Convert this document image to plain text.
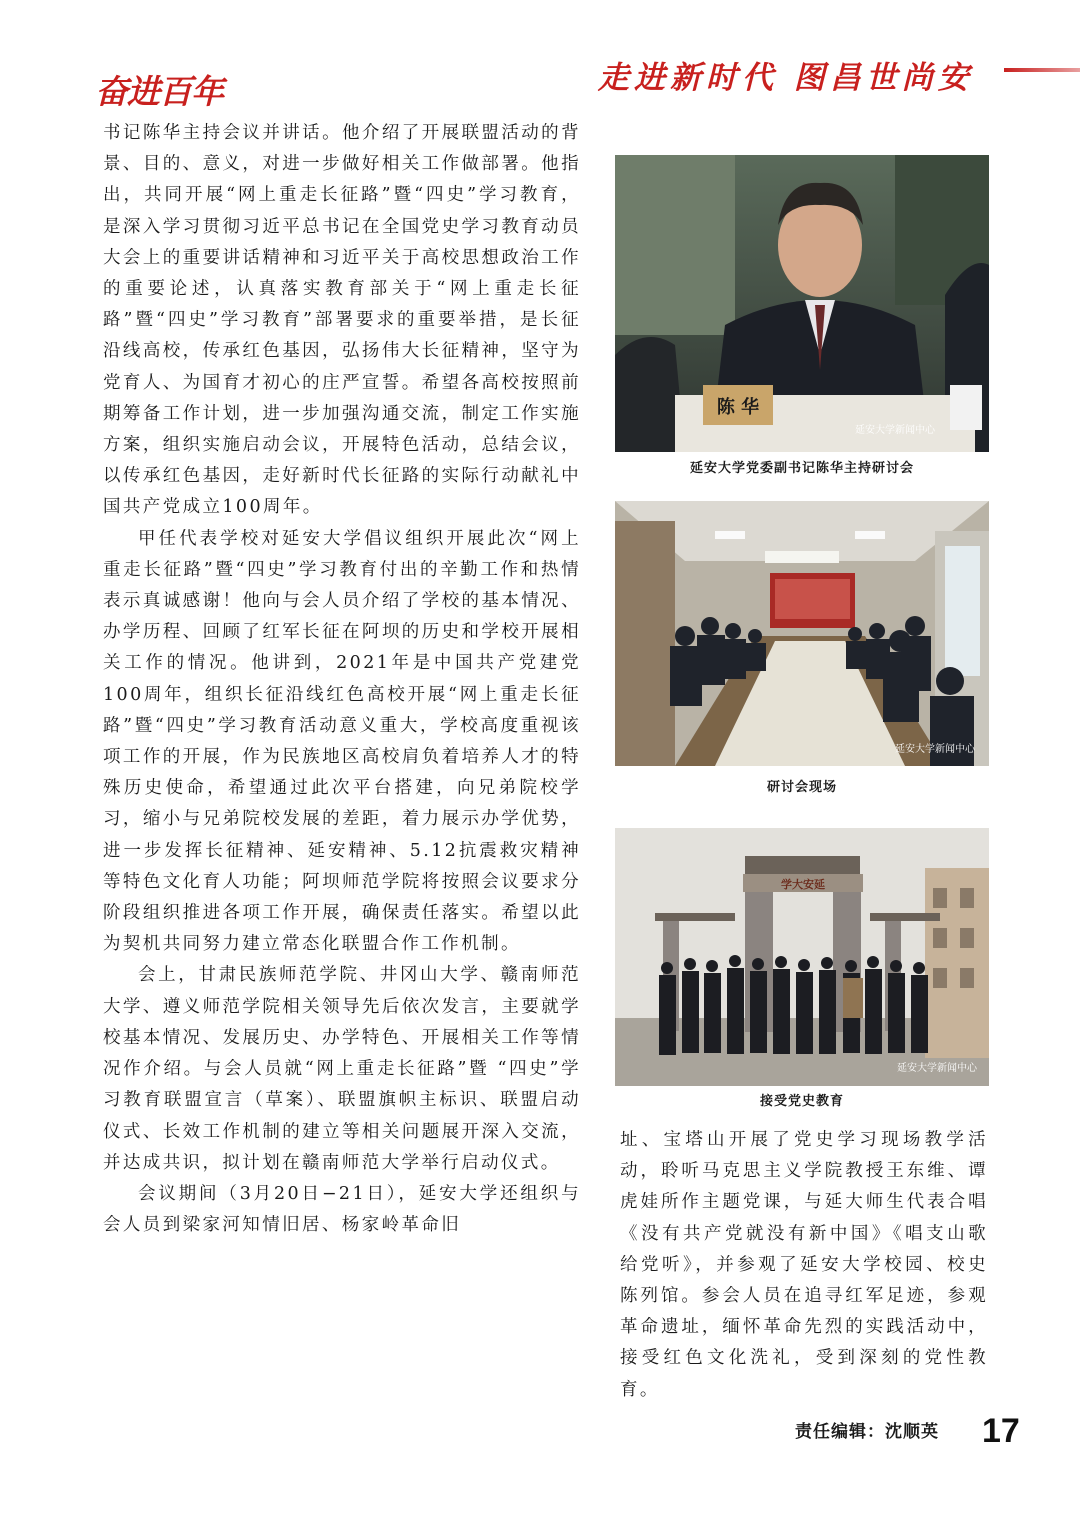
奋进百年	走进新时代 图昌世尚安

书记陈华主持会议并讲话。他介绍了开展联盟活动的背景、目的、意义，对进一步做好相关工作做部署。他指出，共同开展“网上重走长征路”暨“四史”学习教育，是深入学习贯彻习近平总书记在全国党史学习教育动员大会上的重要讲话精神和习近平关于高校思想政治工作的重要论述，认真落实教育部关于“网上重走长征路”暨“四史”学习教育”部署要求的重要举措，是长征沿线高校，传承红色基因，弘扬伟大长征精神，坚守为党育人、为国育才初心的庄严宣誓。希望各高校按照前期筹备工作计划，进一步加强沟通交流，制定工作实施方案，组织实施启动会议，开展特色活动，总结会议，以传承红色基因，走好新时代长征路的实际行动献礼中国共产党成立100周年。

甲任代表学校对延安大学倡议组织开展此次“网上重走长征路”暨“四史”学习教育付出的辛勤工作和热情表示真诚感谢！他向与会人员介绍了学校的基本情况、办学历程、回顾了红军长征在阿坝的历史和学校开展相关工作的情况。他讲到，2021年是中国共产党建党100周年，组织长征沿线红色高校开展“网上重走长征路”暨“四史”学习教育活动意义重大，学校高度重视该项工作的开展，作为民族地区高校肩负着培养人才的特殊历史使命，希望通过此次平台搭建，向兄弟院校学习，缩小与兄弟院校发展的差距，着力展示办学优势，进一步发挥长征精神、延安精神、5.12抗震救灾精神等特色文化育人功能；阿坝师范学院将按照会议要求分阶段组织推进各项工作开展，确保责任落实。希望以此为契机共同努力建立常态化联盟合作工作机制。

会上，甘肃民族师范学院、井冈山大学、赣南师范大学、遵义师范学院相关领导先后依次发言，主要就学校基本情况、发展历史、办学特色、开展相关工作等情况作介绍。与会人员就“网上重走长征路”暨 “四史”学习教育联盟宣言（草案）、联盟旗帜主标识、联盟启动仪式、长效工作机制的建立等相关问题展开深入交流，并达成共识，拟计划在赣南师范大学举行启动仪式。

会议期间（3月20日−21日），延安大学还组织与会人员到梁家河知情旧居、杨家岭革命旧

陈 华
延安大学新闻中心
延安大学党委副书记陈华主持研讨会
延安大学新闻中心
研讨会现场
学大安延
延安大学新闻中心
接受党史教育

址、宝塔山开展了党史学习现场教学活动，聆听马克思主义学院教授王东维、谭虎娃所作主题党课，与延大师生代表合唱《没有共产党就没有新中国》《唱支山歌给党听》，并参观了延安大学校园、校史陈列馆。参会人员在追寻红军足迹，参观革命遗址，缅怀革命先烈的实践活动中，接受红色文化洗礼，受到深刻的党性教育。

责任编辑：沈顺英 17
